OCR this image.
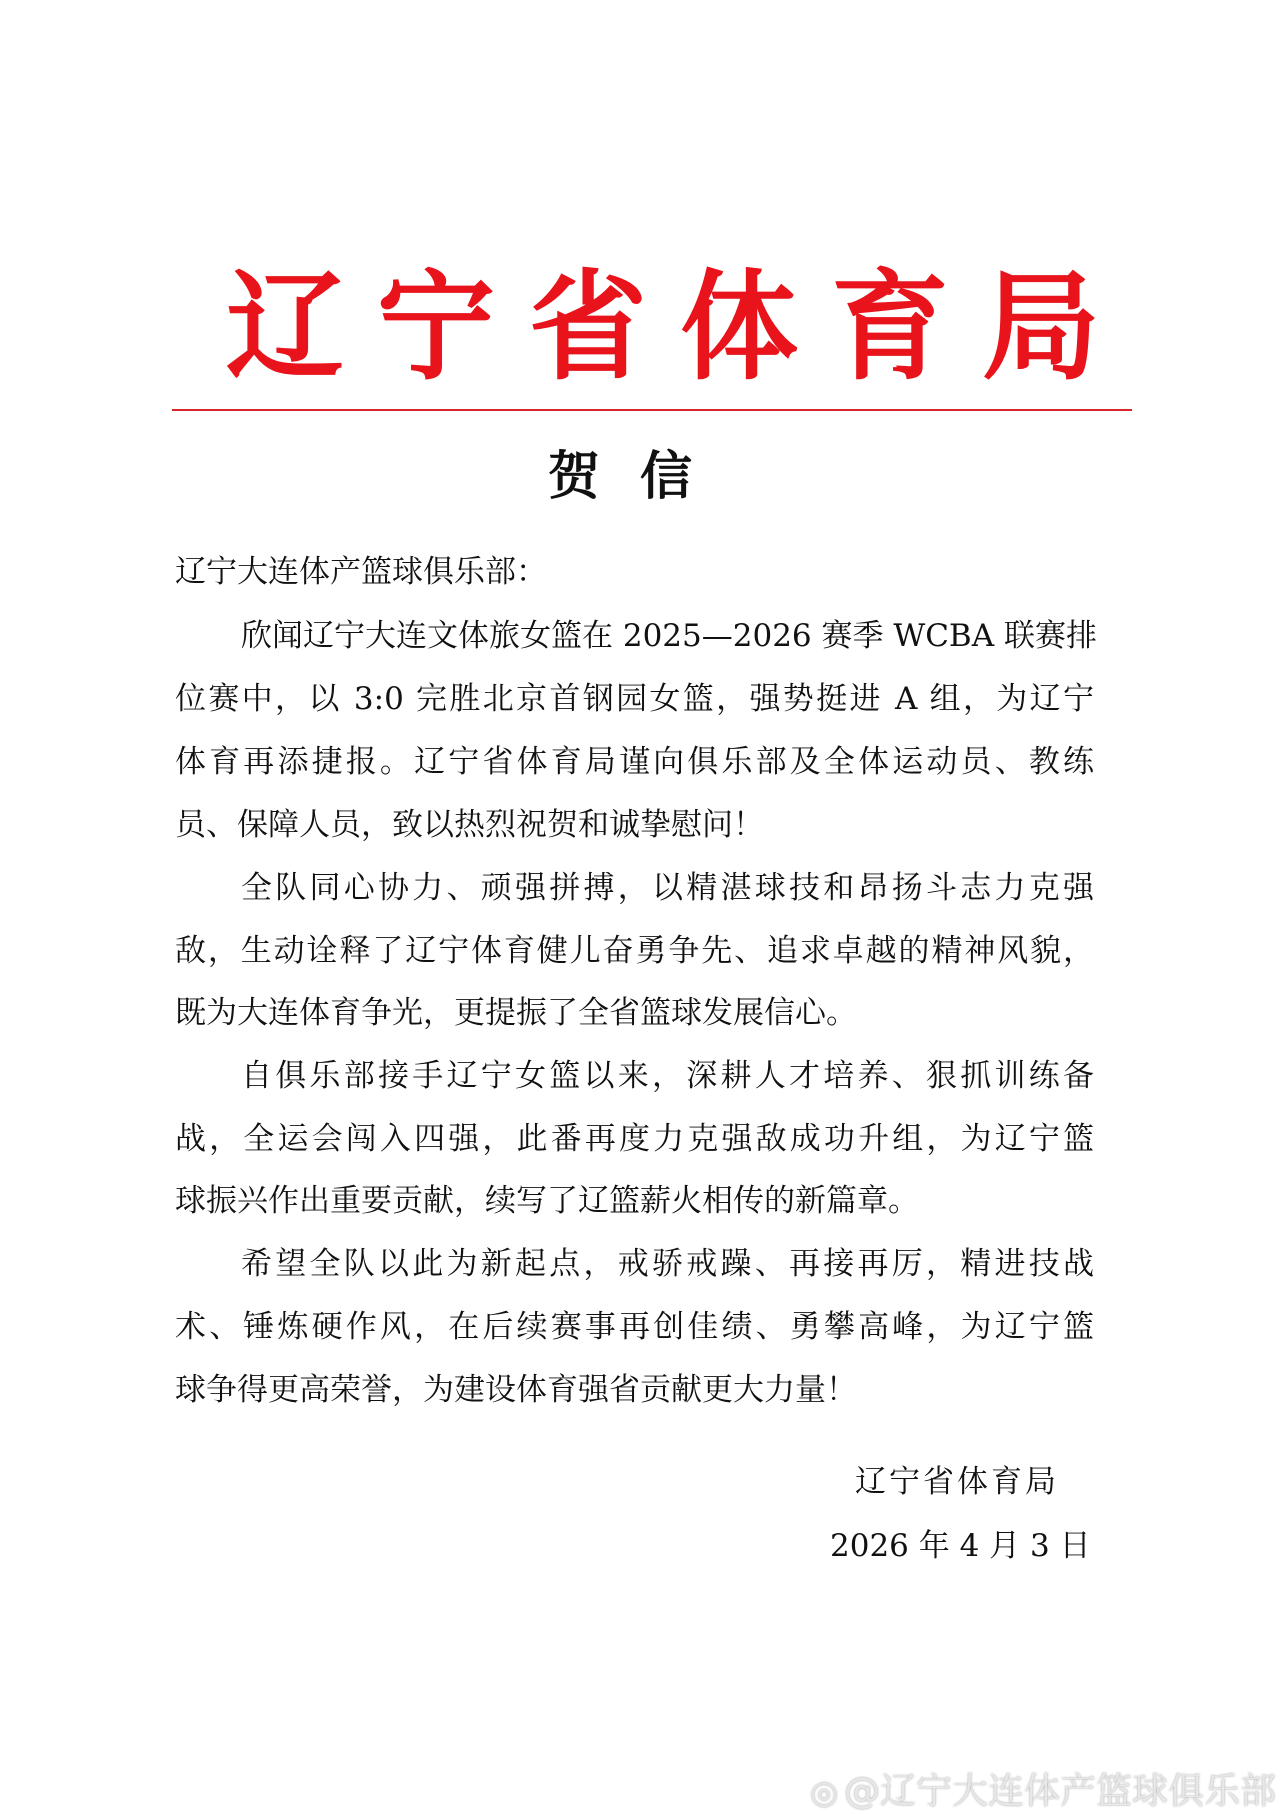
辽 宁 省 体 育 局
贺信
辽宁大连体产篮球俱乐部：
欣闻辽宁大连文体旅女篮在 2025—2026 赛季 WCBA 联赛排
位赛中，以 3:0 完胜北京首钢园女篮，强势挺进 A 组，为辽宁
体育再添捷报。辽宁省体育局谨向俱乐部及全体运动员、教练
员、保障人员，致以热烈祝贺和诚挚慰问！
全队同心协力、顽强拼搏，以精湛球技和昂扬斗志力克强
敌，生动诠释了辽宁体育健儿奋勇争先、追求卓越的精神风貌，
既为大连体育争光，更提振了全省篮球发展信心。
自俱乐部接手辽宁女篮以来，深耕人才培养、狠抓训练备
战，全运会闯入四强，此番再度力克强敌成功升组，为辽宁篮
球振兴作出重要贡献，续写了辽篮薪火相传的新篇章。
希望全队以此为新起点，戒骄戒躁、再接再厉，精进技战
术、锤炼硬作风，在后续赛事再创佳绩、勇攀高峰，为辽宁篮
球争得更高荣誉，为建设体育强省贡献更大力量！
辽宁省体育局
2026 年 4 月 3 日
◎ @辽宁大连体产篮球俱乐部
